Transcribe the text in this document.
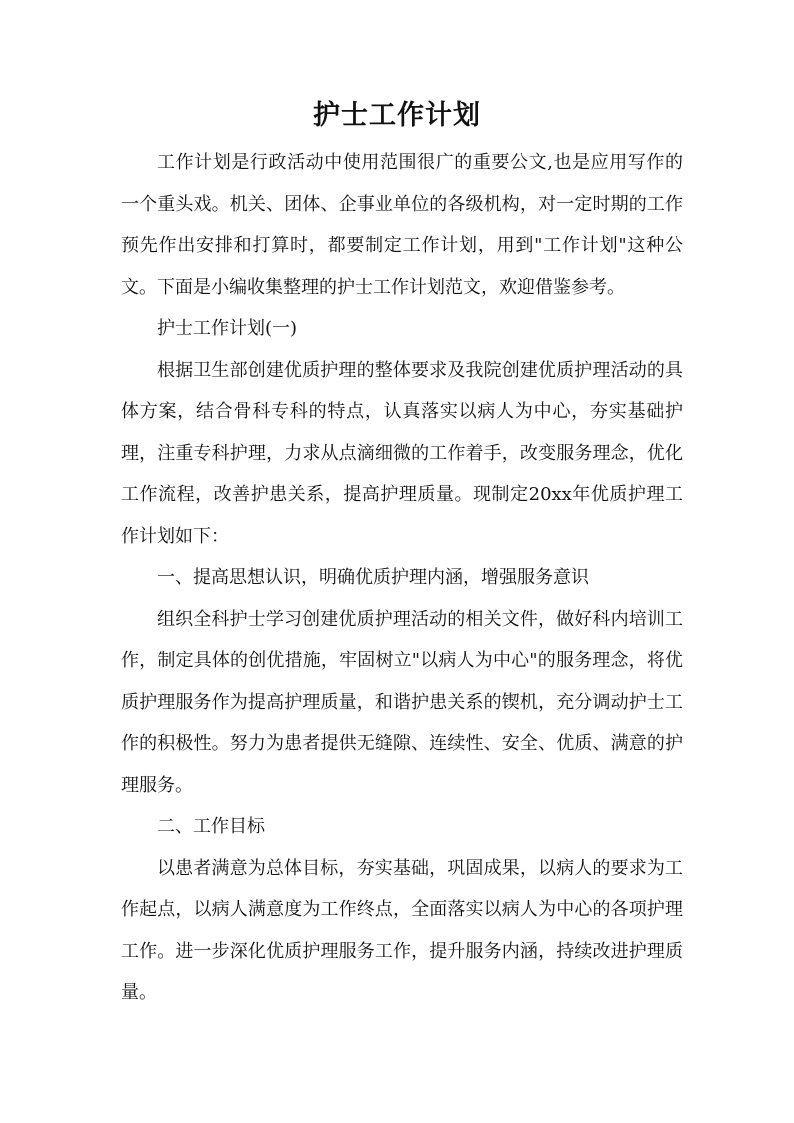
护士工作计划

工作计划是行政活动中使用范围很广的重要公文,也是应用写作的一个重头戏。机关、团体、企事业单位的各级机构，对一定时期的工作预先作出安排和打算时，都要制定工作计划，用到"工作计划"这种公文。下面是小编收集整理的护士工作计划范文，欢迎借鉴参考。

护士工作计划(一)

根据卫生部创建优质护理的整体要求及我院创建优质护理活动的具体方案，结合骨科专科的特点，认真落实以病人为中心，夯实基础护理，注重专科护理，力求从点滴细微的工作着手，改变服务理念，优化工作流程，改善护患关系，提高护理质量。现制定20xx年优质护理工作计划如下：

一、提高思想认识，明确优质护理内涵，增强服务意识

组织全科护士学习创建优质护理活动的相关文件，做好科内培训工作，制定具体的创优措施，牢固树立"以病人为中心"的服务理念，将优质护理服务作为提高护理质量，和谐护患关系的锲机，充分调动护士工作的积极性。努力为患者提供无缝隙、连续性、安全、优质、满意的护理服务。

二、工作目标

以患者满意为总体目标，夯实基础，巩固成果，以病人的要求为工作起点，以病人满意度为工作终点，全面落实以病人为中心的各项护理工作。进一步深化优质护理服务工作，提升服务内涵，持续改进护理质量。
